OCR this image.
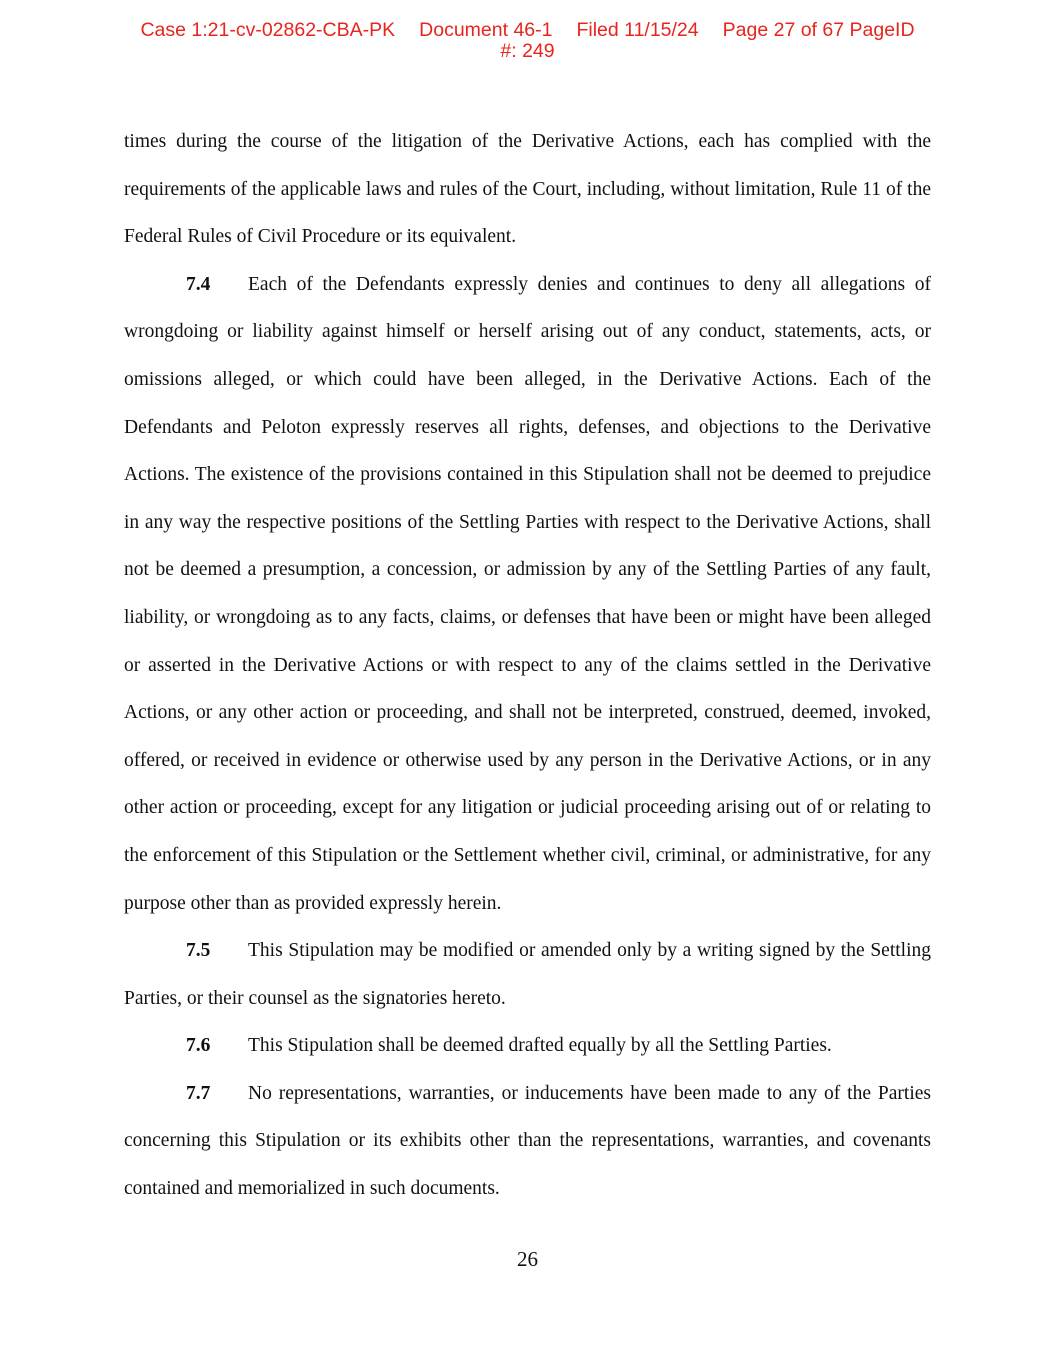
Case 1:21-cv-02862-CBA-PK Document 46-1 Filed 11/15/24 Page 27 of 67 PageID
#: 249

times during the course of the litigation of the Derivative Actions, each has complied with the requirements of the applicable laws and rules of the Court, including, without limitation, Rule 11 of the Federal Rules of Civil Procedure or its equivalent.

7.4 Each of the Defendants expressly denies and continues to deny all allegations of wrongdoing or liability against himself or herself arising out of any conduct, statements, acts, or omissions alleged, or which could have been alleged, in the Derivative Actions. Each of the Defendants and Peloton expressly reserves all rights, defenses, and objections to the Derivative Actions. The existence of the provisions contained in this Stipulation shall not be deemed to prejudice in any way the respective positions of the Settling Parties with respect to the Derivative Actions, shall not be deemed a presumption, a concession, or admission by any of the Settling Parties of any fault, liability, or wrongdoing as to any facts, claims, or defenses that have been or might have been alleged or asserted in the Derivative Actions or with respect to any of the claims settled in the Derivative Actions, or any other action or proceeding, and shall not be interpreted, construed, deemed, invoked, offered, or received in evidence or otherwise used by any person in the Derivative Actions, or in any other action or proceeding, except for any litigation or judicial proceeding arising out of or relating to the enforcement of this Stipulation or the Settlement whether civil, criminal, or administrative, for any purpose other than as provided expressly herein.

7.5 This Stipulation may be modified or amended only by a writing signed by the Settling Parties, or their counsel as the signatories hereto.

7.6 This Stipulation shall be deemed drafted equally by all the Settling Parties.

7.7 No representations, warranties, or inducements have been made to any of the Parties concerning this Stipulation or its exhibits other than the representations, warranties, and covenants contained and memorialized in such documents.

26
